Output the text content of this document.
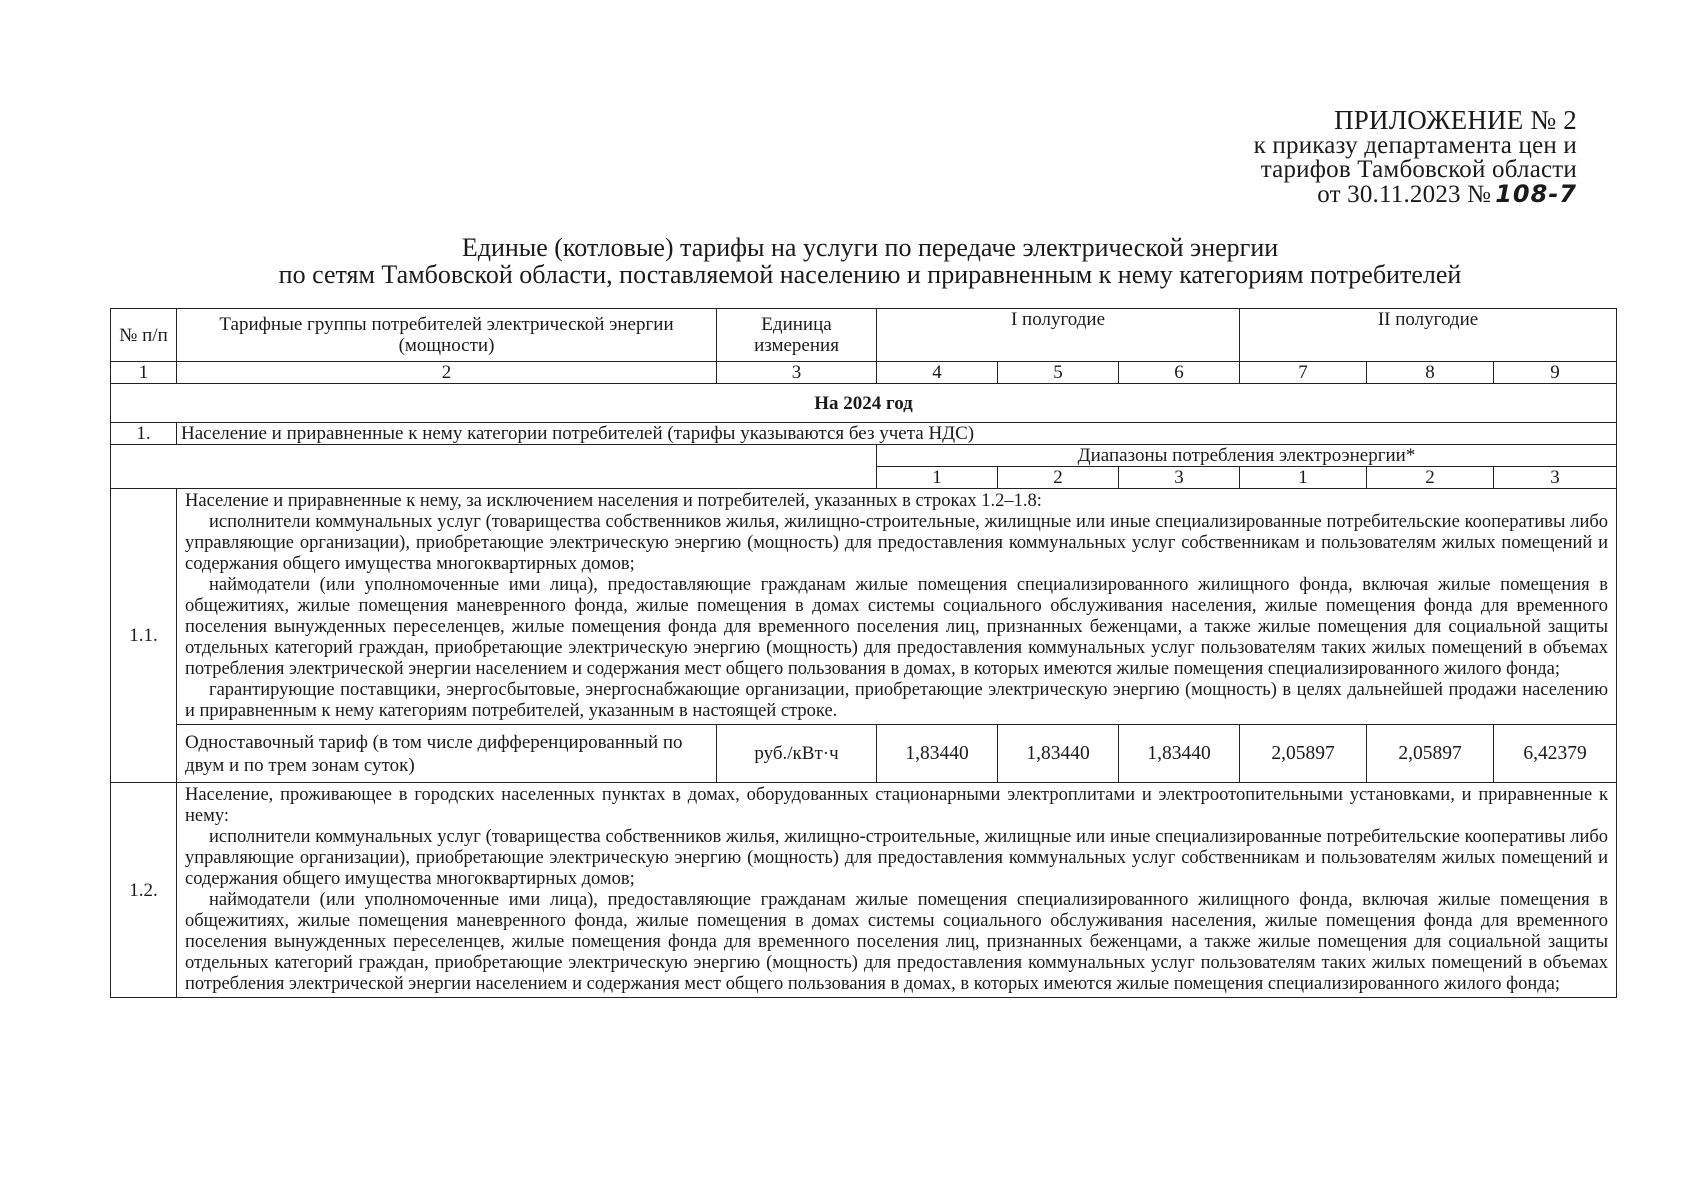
ПРИЛОЖЕНИЕ № 2
к приказу департамента цен и
тарифов Тамбовской области
от 30.11.2023 № 108-7
Единые (котловые) тарифы на услуги по передаче электрической энергии
по сетям Тамбовской области, поставляемой населению и приравненным к нему категориям потребителей
№ п/п	Тарифные группы потребителей электрической энергии (мощности)	Единица измерения	I полугодие			II полугодие		
1	2	3	4	5	6	7	8	9
На 2024 год								
1.	Население и приравненные к нему категории потребителей (тарифы указываются без учета НДС)							
			Диапазоны потребления электроэнергии*					
			1	2	3	1	2	3
1.1.	Население и приравненные к нему, за исключением населения и потребителей, указанных в строках 1.2–1.8:

исполнители коммунальных услуг (товарищества собственников жилья, жилищно-строительные, жилищные или иные специализированные потребительские кооперативы либо управляющие организации), приобретающие электрическую энергию (мощность) для предоставления коммунальных услуг собственникам и пользователям жилых помещений и содержания общего имущества многоквартирных домов;

наймодатели (или уполномоченные ими лица), предоставляющие гражданам жилые помещения специализированного жилищного фонда, включая жилые помещения в общежитиях, жилые помещения маневренного фонда, жилые помещения в домах системы социального обслуживания населения, жилые помещения фонда для временного поселения вынужденных переселенцев, жилые помещения фонда для временного поселения лиц, признанных беженцами, а также жилые помещения для социальной защиты отдельных категорий граждан, приобретающие электрическую энергию (мощность) для предоставления коммунальных услуг пользователям таких жилых помещений в объемах потребления электрической энергии населением и содержания мест общего пользования в домах, в которых имеются жилые помещения специализированного жилого фонда;

гарантирующие поставщики, энергосбытовые, энергоснабжающие организации, приобретающие электрическую энергию (мощность) в целях дальнейшей продажи населению и приравненным к нему категориям потребителей, указанным в настоящей строке.							

	Одноставочный тариф (в том числе дифференцированный по двум и по трем зонам суток)	руб./кВт·ч	1,83440	1,83440	1,83440	2,05897	2,05897	6,42379
1.2.	Население, проживающее в городских населенных пунктах в домах, оборудованных стационарными электроплитами и электроотопительными установками, и приравненные к нему:

исполнители коммунальных услуг (товарищества собственников жилья, жилищно-строительные, жилищные или иные специализированные потребительские кооперативы либо управляющие организации), приобретающие электрическую энергию (мощность) для предоставления коммунальных услуг собственникам и пользователям жилых помещений и содержания общего имущества многоквартирных домов;

наймодатели (или уполномоченные ими лица), предоставляющие гражданам жилые помещения специализированного жилищного фонда, включая жилые помещения в общежитиях, жилые помещения маневренного фонда, жилые помещения в домах системы социального обслуживания населения, жилые помещения фонда для временного поселения вынужденных переселенцев, жилые помещения фонда для временного поселения лиц, признанных беженцами, а также жилые помещения для социальной защиты отдельных категорий граждан, приобретающие электрическую энергию (мощность) для предоставления коммунальных услуг пользователям таких жилых помещений в объемах потребления электрической энергии населением и содержания мест общего пользования в домах, в которых имеются жилые помещения специализированного жилого фонда;							
